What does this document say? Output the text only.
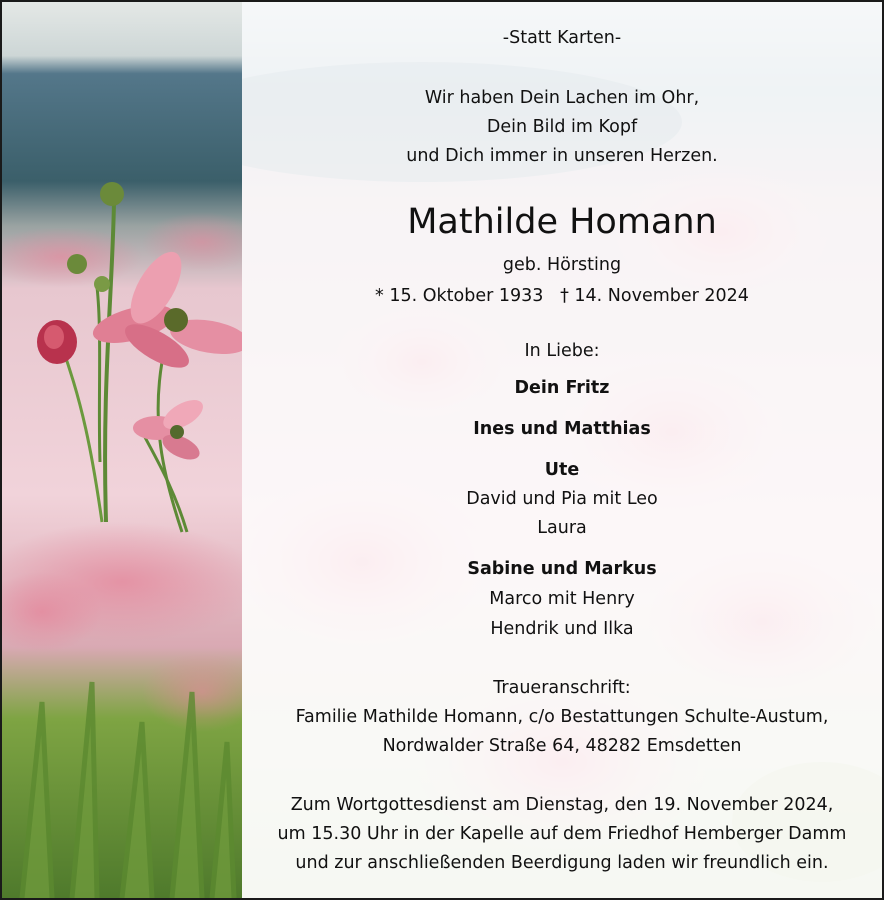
-Statt Karten-
Wir haben Dein Lachen im Ohr,
Dein Bild im Kopf
und Dich immer in unseren Herzen.
Mathilde Homann
geb. Hörsting
* 15. Oktober 1933   † 14. November 2024
In Liebe:
Dein Fritz
Ines und Matthias
Ute
David und Pia mit Leo
Laura
Sabine und Markus
Marco mit Henry
Hendrik und Ilka
Traueranschrift:
Familie Mathilde Homann, c/o Bestattungen Schulte-Austum,
Nordwalder Straße 64, 48282 Emsdetten
Zum Wortgottesdienst am Dienstag, den 19. November 2024,
um 15.30 Uhr in der Kapelle auf dem Friedhof Hemberger Damm
und zur anschließenden Beerdigung laden wir freundlich ein.
